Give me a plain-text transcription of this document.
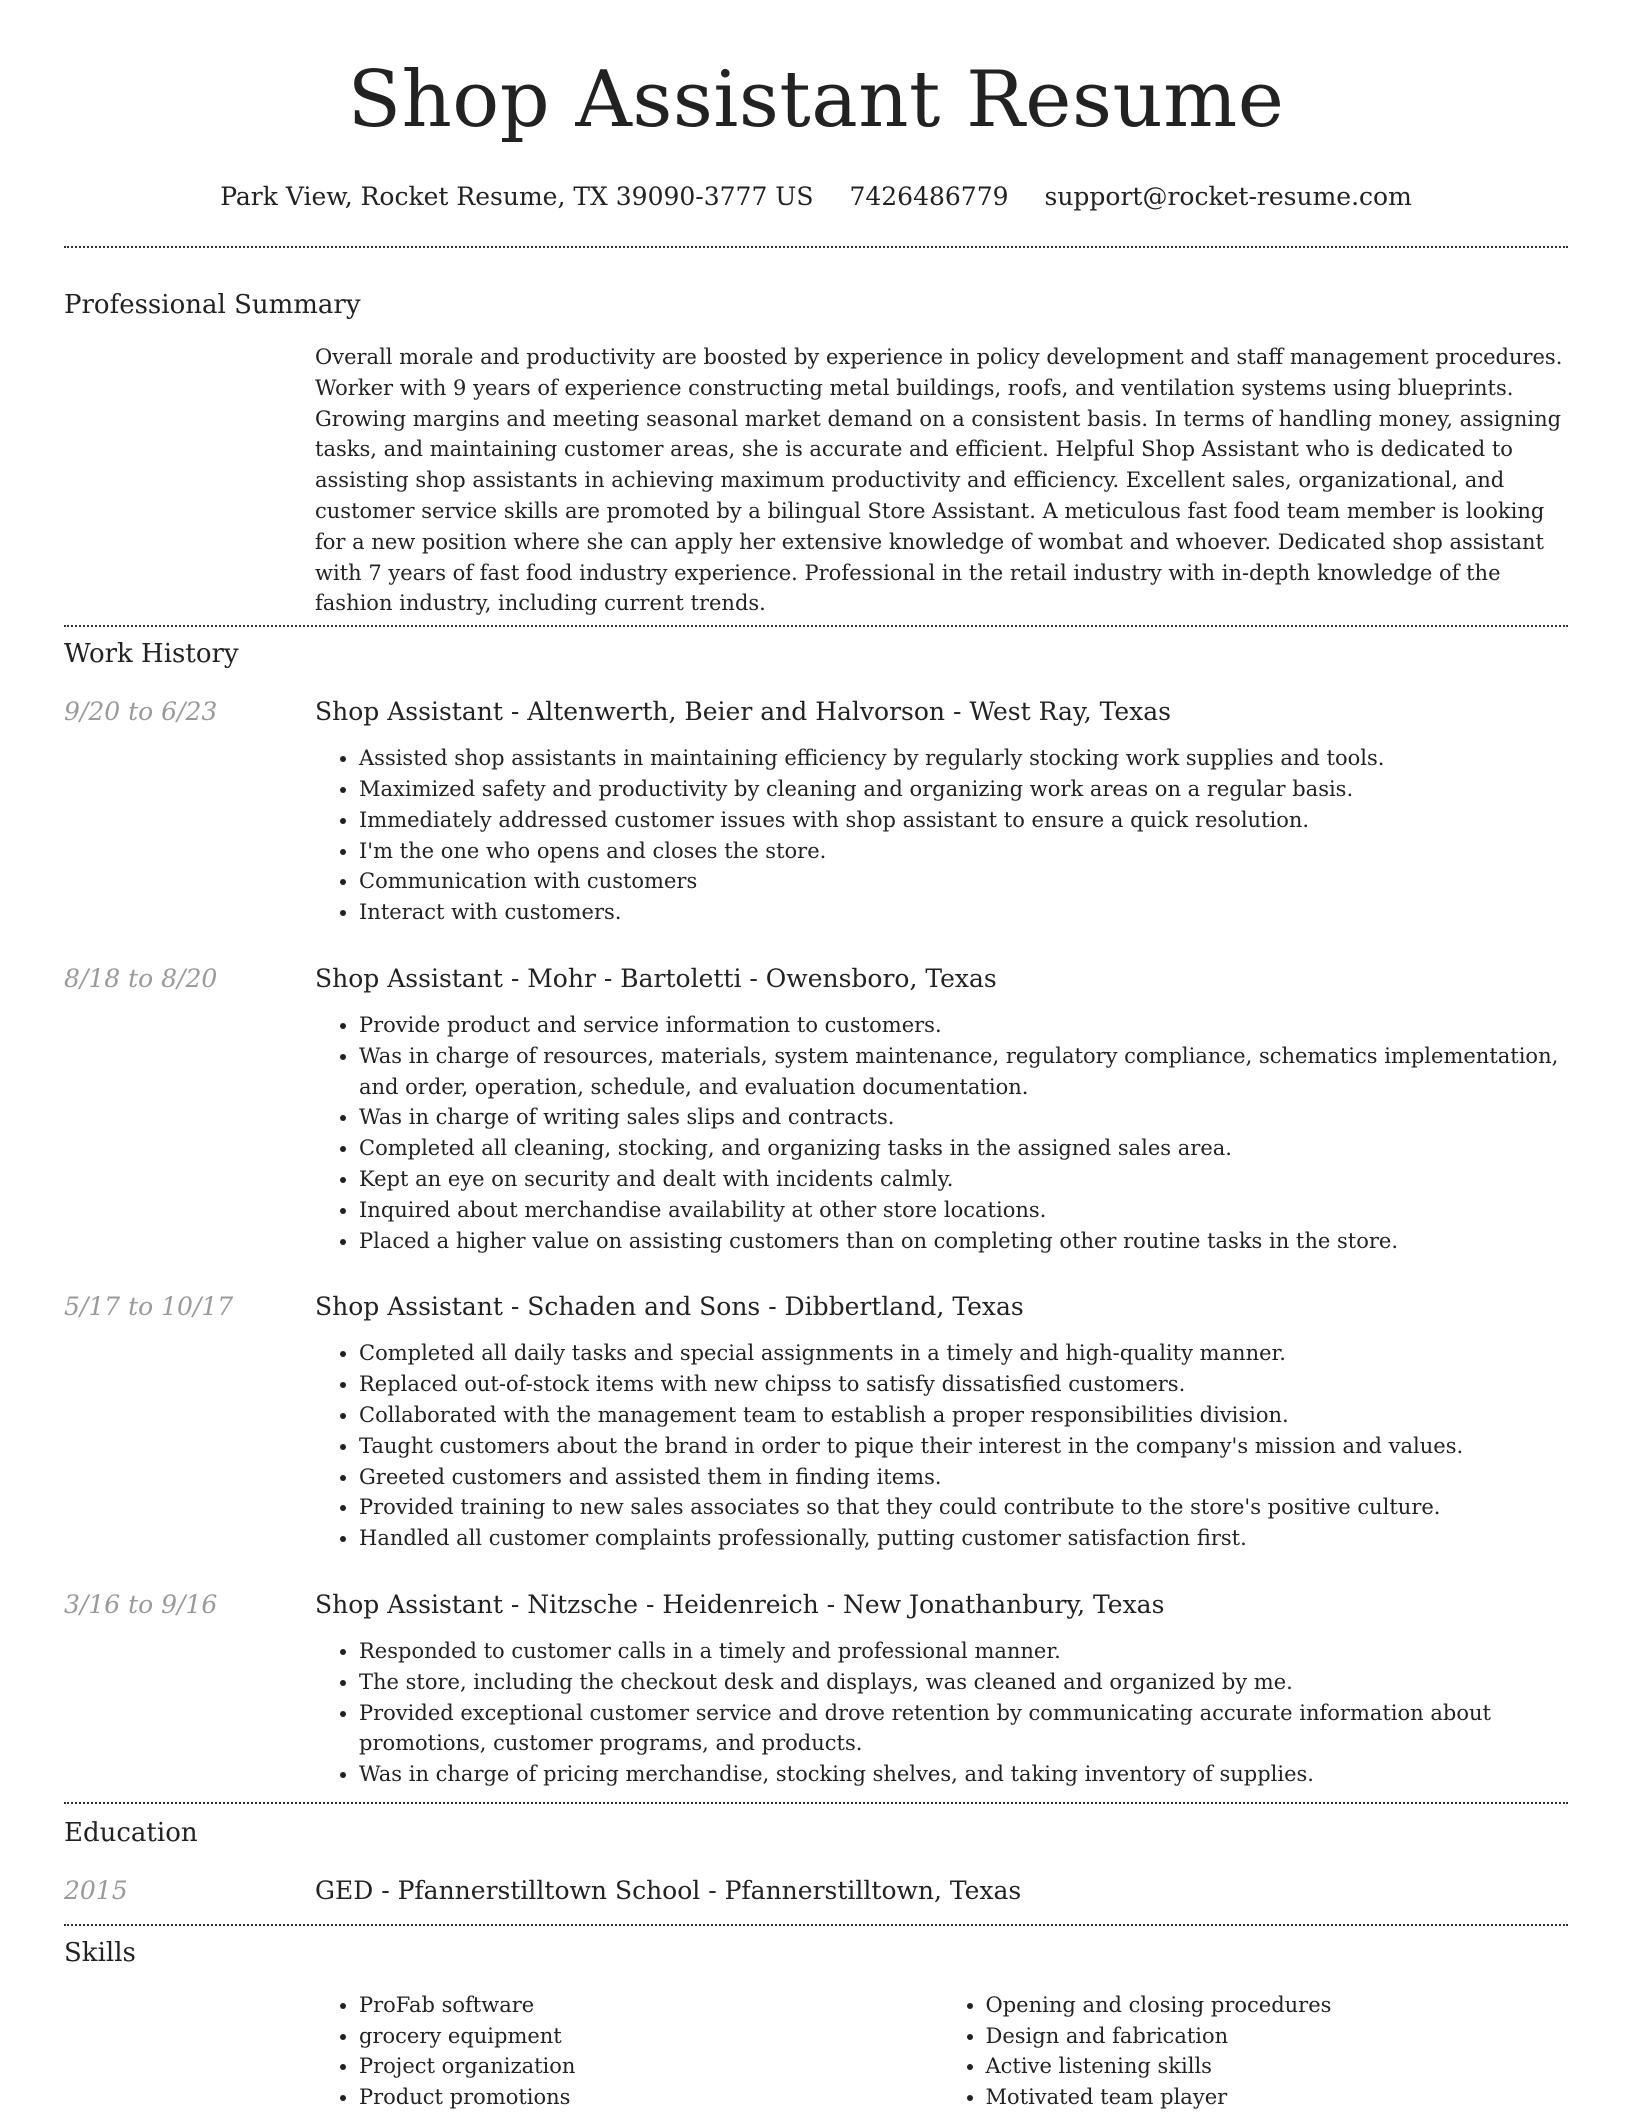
Shop Assistant Resume
Park View, Rocket Resume, TX 39090-3777 US 7426486779 support@rocket-resume.com
Professional Summary
Overall morale and productivity are boosted by experience in policy development and staff management procedures. Worker with 9 years of experience constructing metal buildings, roofs, and ventilation systems using blueprints. Growing margins and meeting seasonal market demand on a consistent basis. In terms of handling money, assigning tasks, and maintaining customer areas, she is accurate and efficient. Helpful Shop Assistant who is dedicated to assisting shop assistants in achieving maximum productivity and efficiency. Excellent sales, organizational, and customer service skills are promoted by a bilingual Store Assistant. A meticulous fast food team member is looking for a new position where she can apply her extensive knowledge of wombat and whoever. Dedicated shop assistant with 7 years of fast food industry experience. Professional in the retail industry with in-depth knowledge of the fashion industry, including current trends.
Work History
9/20 to 6/23	Shop Assistant - Altenwerth, Beier and Halvorson - West Ray, Texas
• Assisted shop assistants in maintaining efficiency by regularly stocking work supplies and tools.
• Maximized safety and productivity by cleaning and organizing work areas on a regular basis.
• Immediately addressed customer issues with shop assistant to ensure a quick resolution.
• I'm the one who opens and closes the store.
• Communication with customers
• Interact with customers.
8/18 to 8/20	Shop Assistant - Mohr - Bartoletti - Owensboro, Texas
• Provide product and service information to customers.
• Was in charge of resources, materials, system maintenance, regulatory compliance, schematics implementation, and order, operation, schedule, and evaluation documentation.
• Was in charge of writing sales slips and contracts.
• Completed all cleaning, stocking, and organizing tasks in the assigned sales area.
• Kept an eye on security and dealt with incidents calmly.
• Inquired about merchandise availability at other store locations.
• Placed a higher value on assisting customers than on completing other routine tasks in the store.
5/17 to 10/17	Shop Assistant - Schaden and Sons - Dibbertland, Texas
• Completed all daily tasks and special assignments in a timely and high-quality manner.
• Replaced out-of-stock items with new chipss to satisfy dissatisfied customers.
• Collaborated with the management team to establish a proper responsibilities division.
• Taught customers about the brand in order to pique their interest in the company's mission and values.
• Greeted customers and assisted them in finding items.
• Provided training to new sales associates so that they could contribute to the store's positive culture.
• Handled all customer complaints professionally, putting customer satisfaction first.
3/16 to 9/16	Shop Assistant - Nitzsche - Heidenreich - New Jonathanbury, Texas
• Responded to customer calls in a timely and professional manner.
• The store, including the checkout desk and displays, was cleaned and organized by me.
• Provided exceptional customer service and drove retention by communicating accurate information about promotions, customer programs, and products.
• Was in charge of pricing merchandise, stocking shelves, and taking inventory of supplies.
Education
2015	GED - Pfannerstilltown School - Pfannerstilltown, Texas
Skills
• ProFab software
• grocery equipment
• Project organization
• Product promotions
• Opening and closing procedures
• Design and fabrication
• Active listening skills
• Motivated team player
